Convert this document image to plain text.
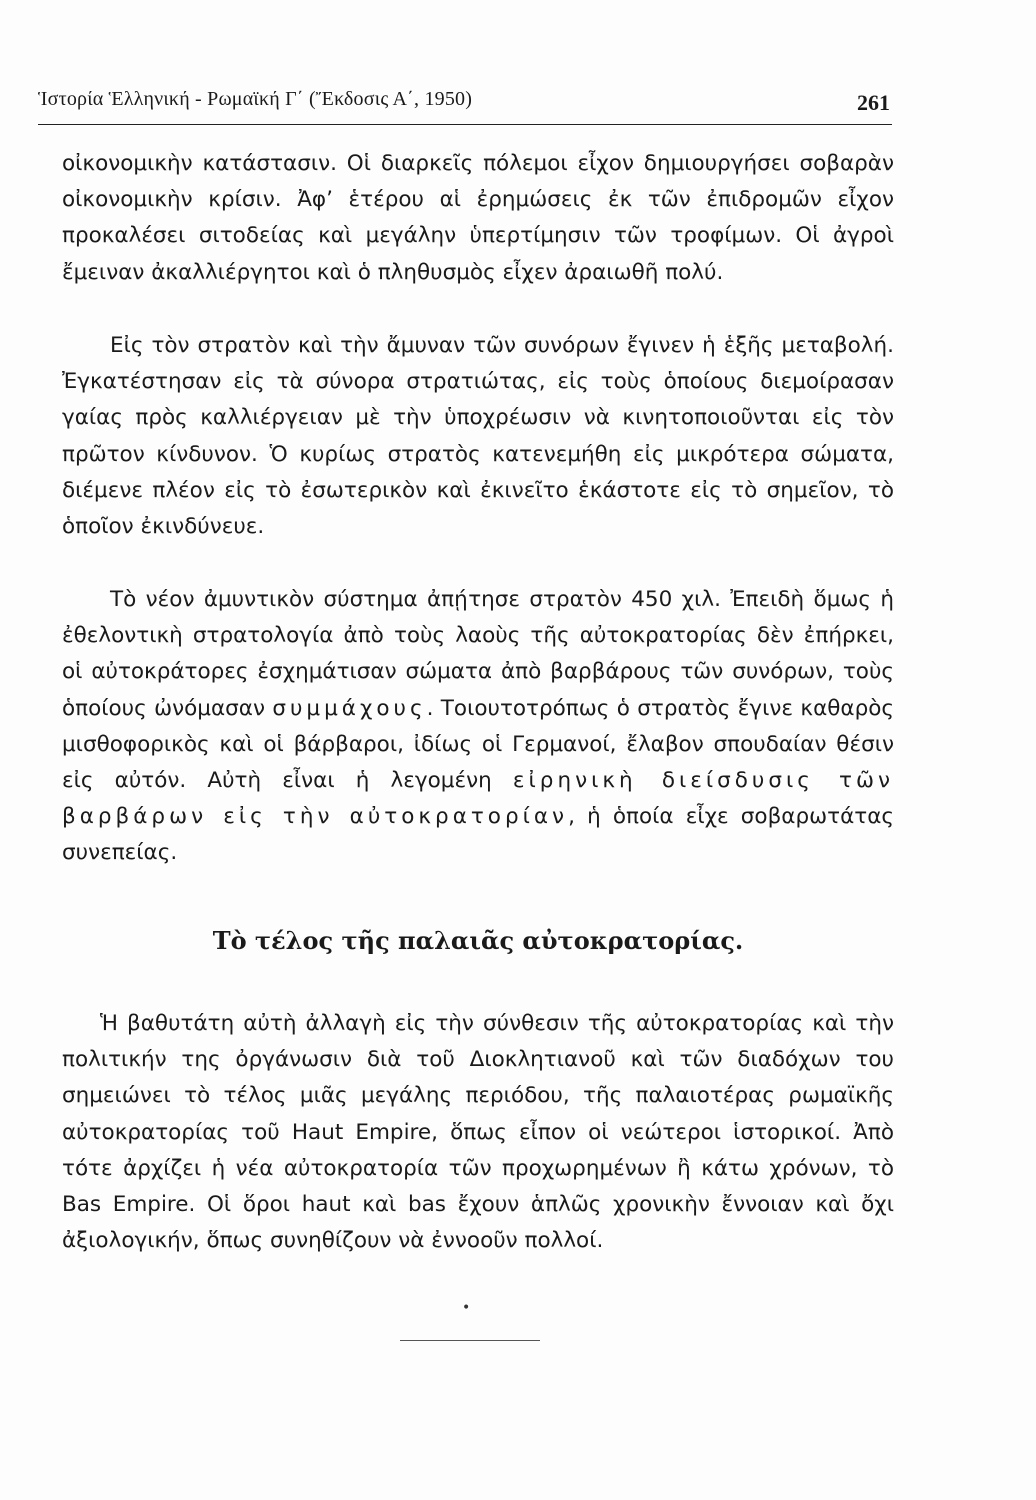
Ἱστορία Ἑλληνική - Ρωμαϊκή Γ΄ (Ἔκδοσις Α΄, 1950)	261

οἰκονομικὴν κατάστασιν. Οἱ διαρκεῖς πόλεμοι εἶχον δημιουργήσει σοβαρὰν οἰκονομικὴν κρίσιν. Ἀφ’ ἑτέρου αἱ ἐρημώσεις ἐκ τῶν ἐπιδρομῶν εἶχον προκαλέσει σιτοδείας καὶ μεγάλην ὑπερτίμησιν τῶν τροφίμων. Οἱ ἀγροὶ ἔμειναν ἀκαλλιέργητοι καὶ ὁ πληθυσμὸς εἶχεν ἀραιωθῆ πολύ.

Εἰς τὸν στρατὸν καὶ τὴν ἄμυναν τῶν συνόρων ἔγινεν ἡ ἑξῆς μεταβολή. Ἐγκατέστησαν εἰς τὰ σύνορα στρατιώτας, εἰς τοὺς ὁποίους διεμοίρασαν γαίας πρὸς καλλιέργειαν μὲ τὴν ὑποχρέωσιν νὰ κινητοποιοῦνται εἰς τὸν πρῶτον κίνδυνον. Ὁ κυρίως στρατὸς κατενεμήθη εἰς μικρότερα σώματα, διέμενε πλέον εἰς τὸ ἐσωτερικὸν καὶ ἐκινεῖτο ἑκάστοτε εἰς τὸ σημεῖον, τὸ ὁποῖον ἐκινδύνευε.

Τὸ νέον ἀμυντικὸν σύστημα ἀπῄτησε στρατὸν 450 χιλ. Ἐπειδὴ ὅμως ἡ ἐθελοντικὴ στρατολογία ἀπὸ τοὺς λαοὺς τῆς αὐτοκρατορίας δὲν ἐπήρκει, οἱ αὐτοκράτορες ἐσχημάτισαν σώματα ἀπὸ βαρβάρους τῶν συνόρων, τοὺς ὁποίους ὠνόμασαν συμμάχους. Τοιουτοτρόπως ὁ στρατὸς ἔγινε καθαρὸς μισθοφορικὸς καὶ οἱ βάρβαροι, ἰδίως οἱ Γερμανοί, ἔλαβον σπουδαίαν θέσιν εἰς αὐτόν. Αὐτὴ εἶναι ἡ λεγομένη εἰρηνικὴ διείσδυσις τῶν βαρβάρων εἰς τὴν αὐτοκρατορίαν, ἡ ὁποία εἶχε σοβαρωτάτας συνεπείας.

Τὸ τέλος τῆς παλαιᾶς αὐτοκρατορίας.

Ἡ βαθυτάτη αὐτὴ ἀλλαγὴ εἰς τὴν σύνθεσιν τῆς αὐτοκρατορίας καὶ τὴν πολιτικήν της ὀργάνωσιν διὰ τοῦ Διοκλητιανοῦ καὶ τῶν διαδόχων του σημειώνει τὸ τέλος μιᾶς μεγάλης περιόδου, τῆς παλαιοτέρας ρωμαϊκῆς αὐτοκρατορίας τοῦ Haut Empire, ὅπως εἶπον οἱ νεώτεροι ἱστορικοί. Ἀπὸ τότε ἀρχίζει ἡ νέα αὐτοκρατορία τῶν προχωρημένων ἢ κάτω χρόνων, τὸ Bas Empire. Οἱ ὅροι haut καὶ bas ἔχουν ἁπλῶς χρονικὴν ἔννοιαν καὶ ὄχι ἀξιολογικήν, ὅπως συνηθίζουν νὰ ἐννοοῦν πολλοί.

•
